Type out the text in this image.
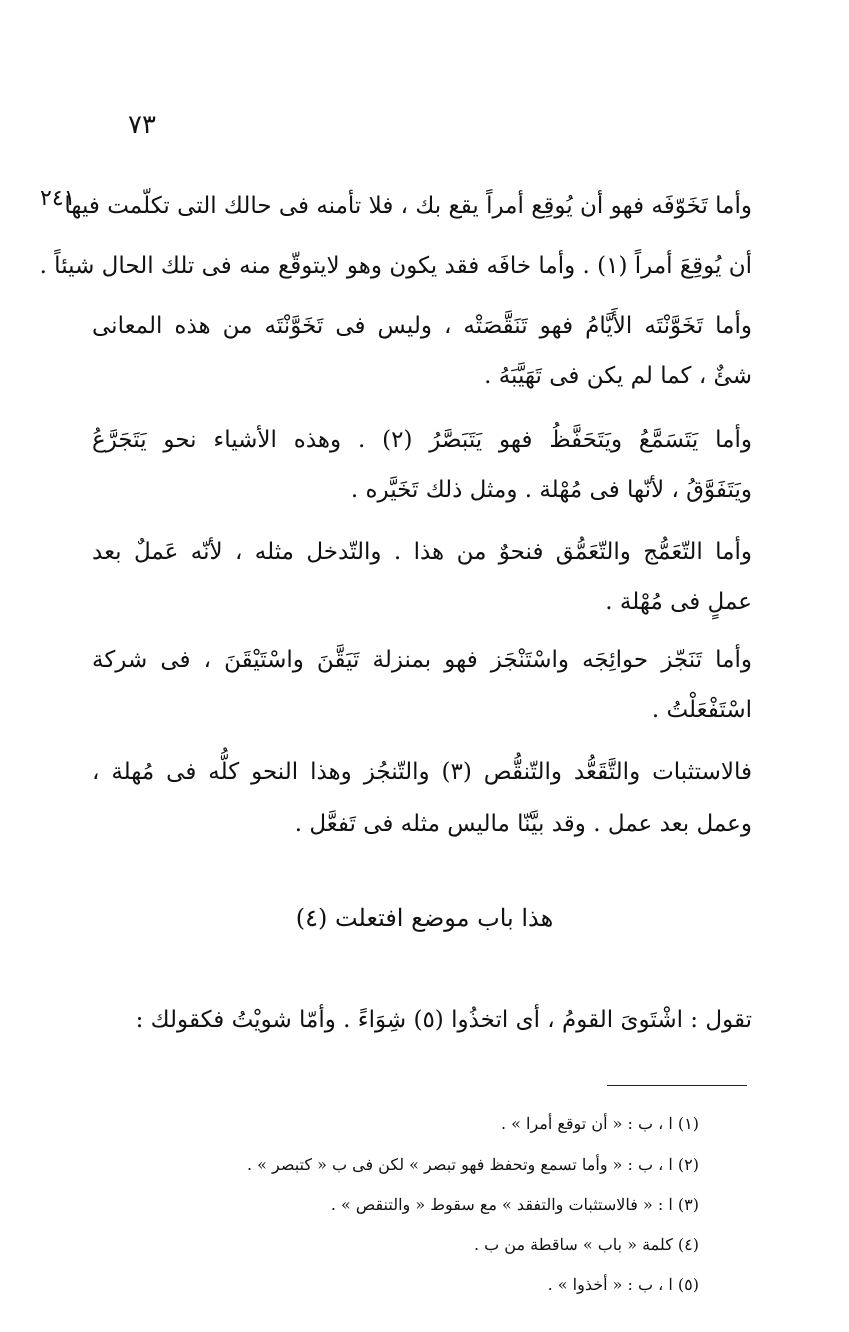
٧٣
٢٤١
وأما تَخَوّفَه فهو أن يُوقِع أمراً يقع بك ، فلا تأمنه فى حالك التى تكلّمت فيها
أن يُوقِعَ أمراً (١) . وأما خافَه فقد يكون وهو لايتوقّع منه فى تلك الحال شيئاً .
وأما تَخَوَّنْتَه الأَيَّامُ فهو تَنَقَّصَتْه ، وليس فى تَخَوَّنْتَه من هذه المعانى
شئٌ ، كما لم يكن فى تَهَيَّبَهُ .
وأما يَتَسَمَّعُ ويَتَحَفَّظُ فهو يَتَبَصَّرُ (٢) . وهذه الأشياء نحو يَتَجَرَّعُ
ويَتَفَوَّقُ ، لأنّها فى مُهْلة . ومثل ذلك تَخَيَّره .
وأما التّعَمُّج والتّعَمُّق فنحوٌ من هذا . والتّدخل مثله ، لأنّه عَملٌ بعد
عملٍ فى مُهْلة .
وأما تَنَجّز حوائِجَه واسْتَنْجَز فهو بمنزلة تَيَقَّنَ واسْتَيْقَنَ ، فى شركة
اسْتَفْعَلْتُ .
فالاستثبات والتَّقَعُّد والتّنقُّص (٣) والتّنجُز وهذا النحو كلُّه فى مُهلة ،
وعمل بعد عمل . وقد بيَّنّا ماليس مثله فى تَفعَّل .
هذا باب موضع افتعلت (٤)
تقول : اشْتَوىَ القومُ ، أى اتخذُوا (٥) شِوَاءً . وأمّا شويْتُ فكقولك :
(١) ا ، ب : « أن توقع أمرا » .
(٢) ا ، ب : « وأما تسمع وتحفظ فهو تبصر » لكن فى ب « كتبصر » .
(٣) ا : « فالاستثبات والتفقد » مع سقوط « والتنقص » .
(٤) كلمة « باب » ساقطة من ب .
(٥) ا ، ب : « أخذوا » .
